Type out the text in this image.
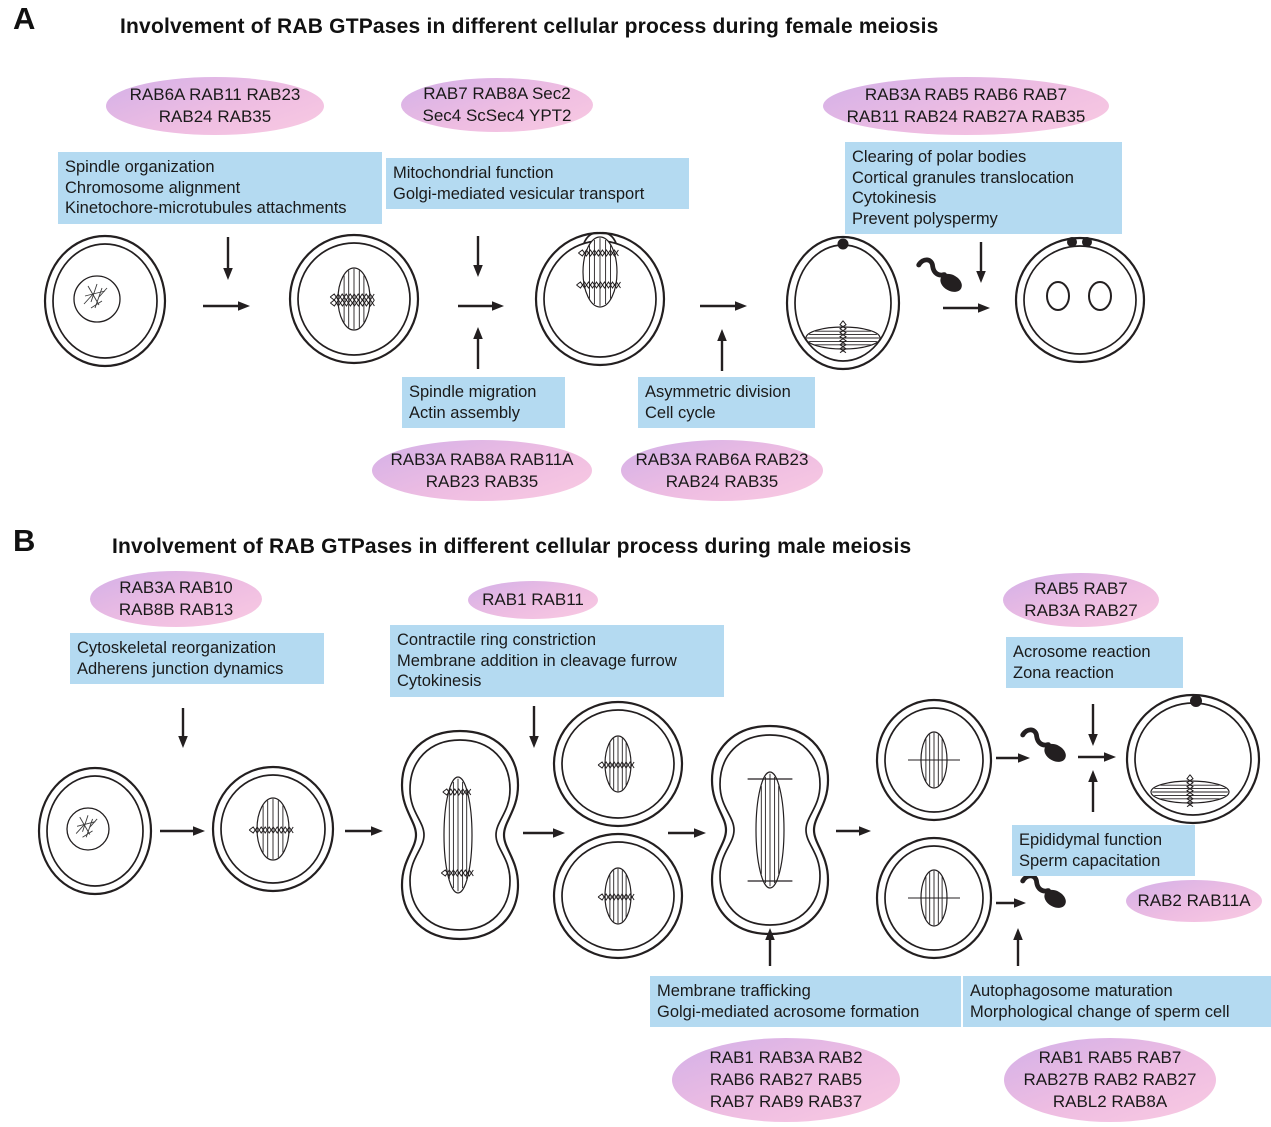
A	Involvement of RAB GTPases in different cellular process during female meiosis
RAB6A RAB11 RAB23
RAB24 RAB35
RAB7 RAB8A Sec2
Sec4 ScSec4 YPT2
RAB3A RAB5 RAB6 RAB7
RAB11 RAB24 RAB27A RAB35
RAB3A RAB8A RAB11A
RAB23 RAB35
RAB3A RAB6A RAB23
RAB24 RAB35
Spindle organization
Chromosome alignment
Kinetochore-microtubules attachments
Mitochondrial function
Golgi-mediated vesicular transport
Clearing of polar bodies
Cortical granules translocation
Cytokinesis
Prevent polyspermy
Spindle migration
Actin assembly
Asymmetric division
Cell cycle
B	Involvement of RAB GTPases in different cellular process during male meiosis
RAB3A RAB10
RAB8B RAB13
RAB1 RAB11
RAB5 RAB7
RAB3A RAB27
RAB2 RAB11A
RAB1 RAB3A RAB2
RAB6 RAB27 RAB5
RAB7 RAB9 RAB37
RAB1 RAB5 RAB7
RAB27B RAB2 RAB27
RABL2 RAB8A
Cytoskeletal reorganization
Adherens junction dynamics
Contractile ring constriction
Membrane addition in cleavage furrow
Cytokinesis
Acrosome reaction
Zona reaction
Epididymal function
Sperm capacitation
Membrane trafficking
Golgi-mediated acrosome formation
Autophagosome maturation
Morphological change of sperm cell
